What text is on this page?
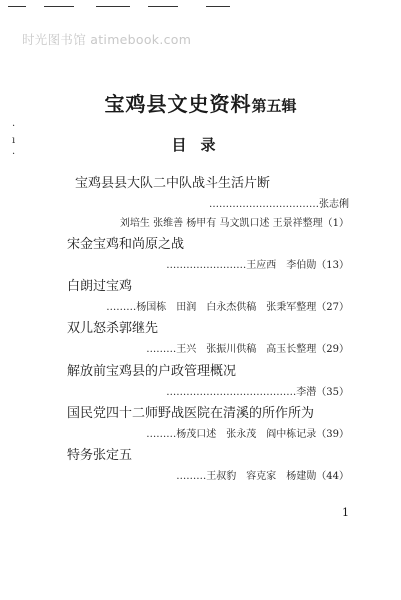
时光图书馆 atimebook.com
·
ı
·
宝鸡县文史资料第五辑
目录
宝鸡县县大队二中队战斗生活片断
……………………………张志俐
刘培生 张维善 杨甲有 马文凯口述 王景祥整理（1）
宋金宝鸡和尚原之战
……………………王应西　李伯勋（13）
白朗过宝鸡
………杨国栋　田润　白永杰供稿　张秉军整理（27）
双儿怒杀郭继先
………王兴　张振川供稿　高玉长整理（29）
解放前宝鸡县的户政管理概况
…………………………………李潜（35）
国民党四十二师野战医院在清溪的所作所为
………杨茂口述　张永茂　阎中栋记录（39）
特务张定五
………王叔豹　容克家　杨建勋（44）
1
